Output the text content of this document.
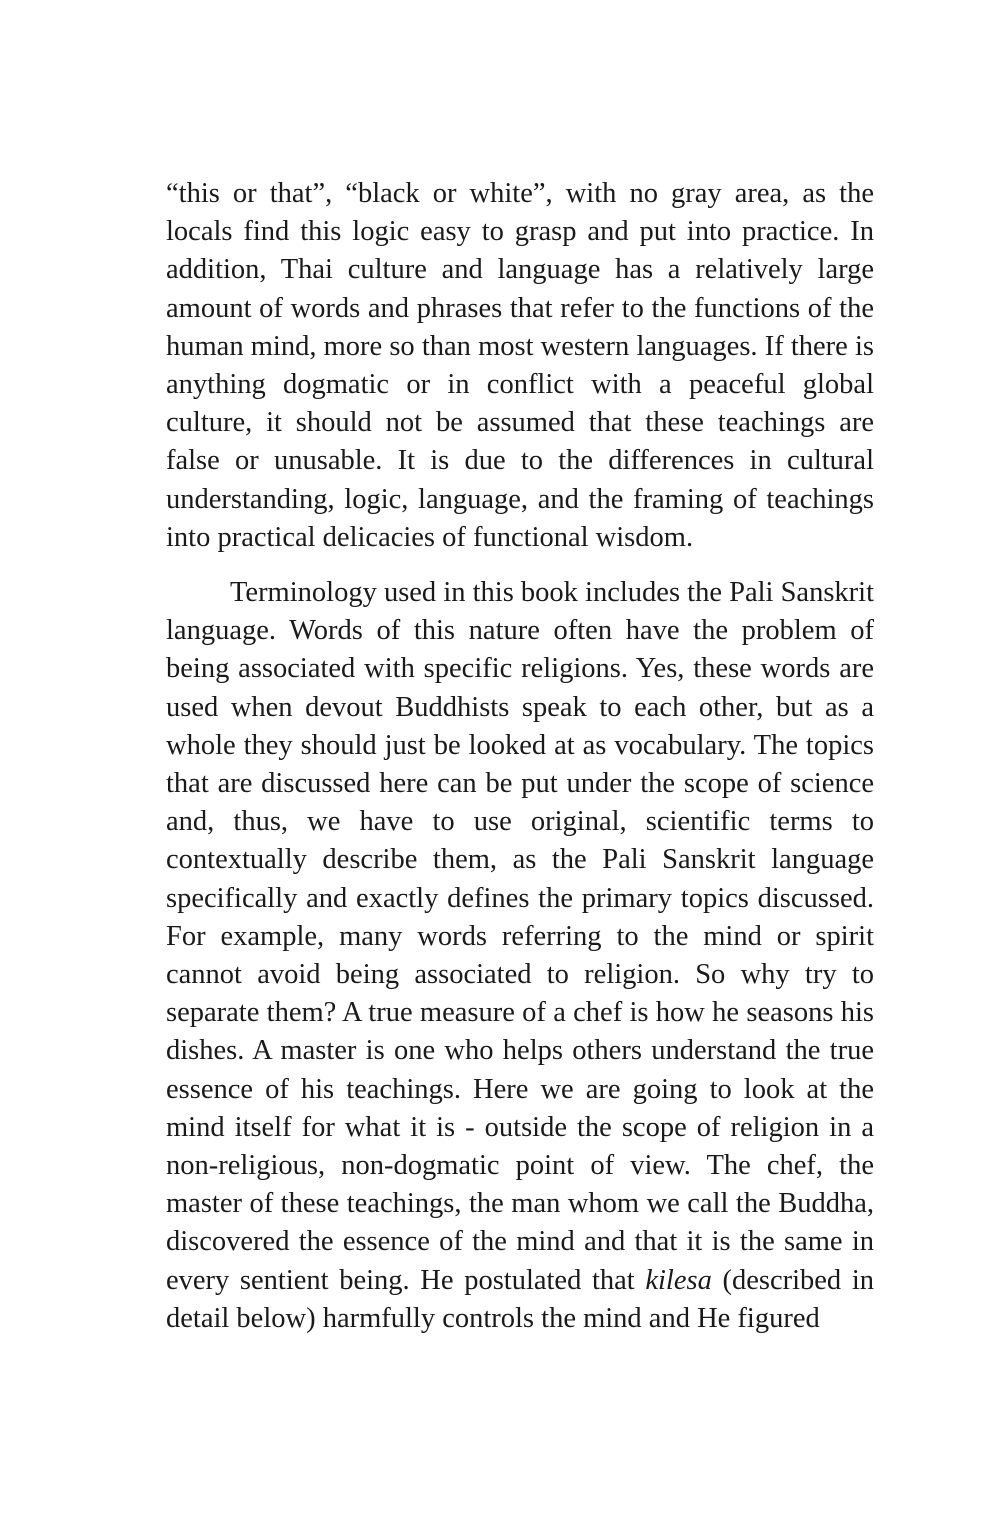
“this or that”, “black or white”, with no gray area, as the locals find this logic easy to grasp and put into practice. In addition, Thai culture and language has a relatively large amount of words and phrases that refer to the functions of the human mind, more so than most western languages. If there is anything dogmatic or in conflict with a peaceful global culture, it should not be assumed that these teachings are false or unusable. It is due to the differences in cultural understanding, logic, language, and the framing of teachings into practical delicacies of functional wisdom.

Terminology used in this book includes the Pali Sanskrit language. Words of this nature often have the problem of being associated with specific religions. Yes, these words are used when devout Buddhists speak to each other, but as a whole they should just be looked at as vocabulary. The topics that are discussed here can be put under the scope of science and, thus, we have to use original, scientific terms to contextually describe them, as the Pali Sanskrit language specifically and exactly defines the primary topics discussed. For example, many words referring to the mind or spirit cannot avoid being associated to religion. So why try to separate them? A true measure of a chef is how he seasons his dishes. A master is one who helps others understand the true essence of his teachings. Here we are going to look at the mind itself for what it is - outside the scope of religion in a non-religious, non-dogmatic point of view. The chef, the master of these teachings, the man whom we call the Buddha, discovered the essence of the mind and that it is the same in every sentient being. He postulated that kilesa (described in detail below) harmfully controls the mind and He figured
